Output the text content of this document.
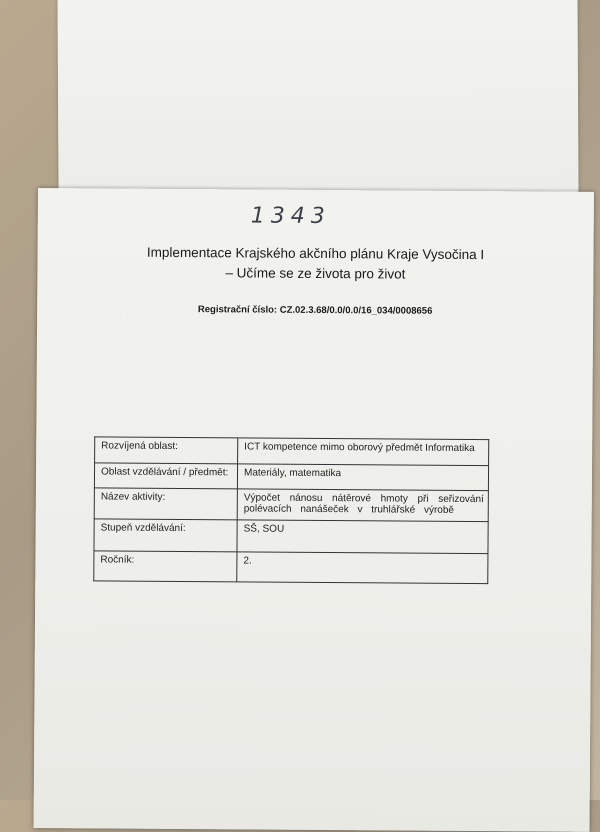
1343
Implementace Krajského akčního plánu Kraje Vysočina I
– Učíme se ze života pro život
Registrační číslo: CZ.02.3.68/0.0/0.0/16_034/0008656
Rozvíjená oblast:	ICT kompetence mimo oborový předmět Informatika
Oblast vzdělávání / předmět:	Materiály, matematika
Název aktivity:	Výpočet nánosu nátěrové hmoty při seřizování polévacích nanášeček v truhlářské výrobě
Stupeň vzdělávání:	SŠ, SOU
Ročník:	2.
